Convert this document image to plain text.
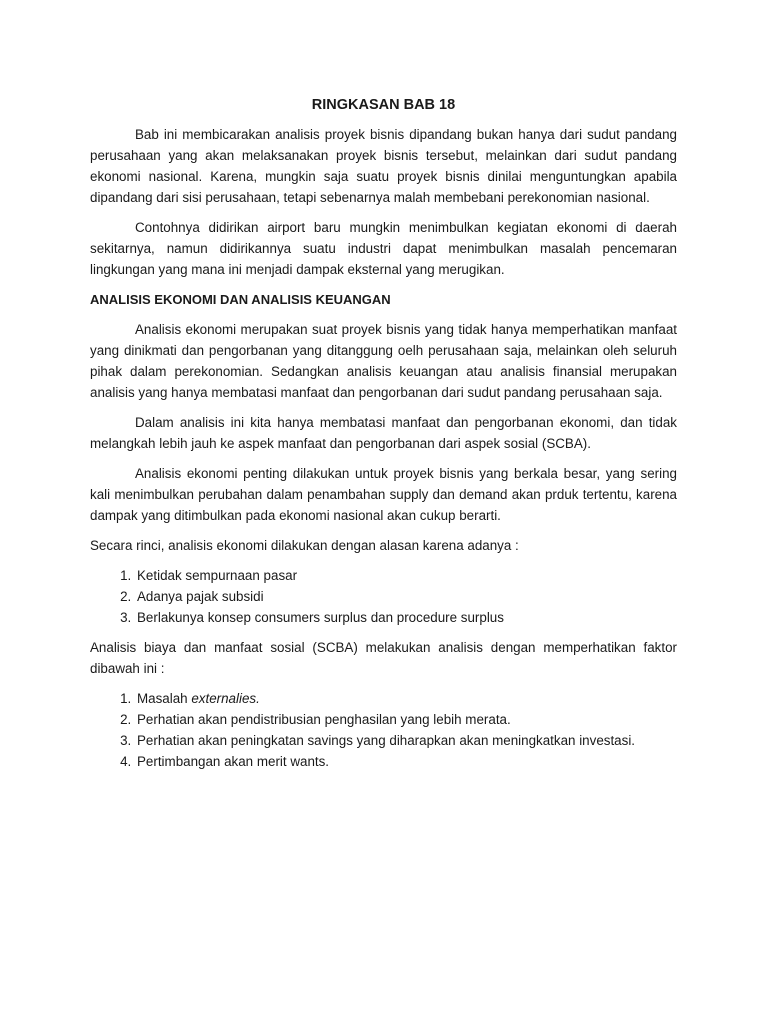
RINGKASAN BAB 18

Bab ini membicarakan analisis proyek bisnis dipandang bukan hanya dari sudut pandang perusahaan yang akan melaksanakan proyek bisnis tersebut, melainkan dari sudut pandang ekonomi nasional. Karena, mungkin saja suatu proyek bisnis dinilai menguntungkan apabila dipandang dari sisi perusahaan, tetapi sebenarnya malah membebani perekonomian nasional.

Contohnya didirikan airport baru mungkin menimbulkan kegiatan ekonomi di daerah sekitarnya, namun didirikannya suatu industri dapat menimbulkan masalah pencemaran lingkungan yang mana ini menjadi dampak eksternal yang merugikan.

ANALISIS EKONOMI DAN ANALISIS KEUANGAN

Analisis ekonomi merupakan suat proyek bisnis yang tidak hanya memperhatikan manfaat yang dinikmati dan pengorbanan yang ditanggung oelh perusahaan saja, melainkan oleh seluruh pihak dalam perekonomian. Sedangkan analisis keuangan atau analisis finansial merupakan analisis yang hanya membatasi manfaat dan pengorbanan dari sudut pandang perusahaan saja.

Dalam analisis ini kita hanya membatasi manfaat dan pengorbanan ekonomi, dan tidak melangkah lebih jauh ke aspek manfaat dan pengorbanan dari aspek sosial (SCBA).

Analisis ekonomi penting dilakukan untuk proyek bisnis yang berkala besar, yang sering kali menimbulkan perubahan dalam penambahan supply dan demand akan prduk tertentu, karena dampak yang ditimbulkan pada ekonomi nasional akan cukup berarti.

Secara rinci, analisis ekonomi dilakukan dengan alasan karena adanya :

1. Ketidak sempurnaan pasar
2. Adanya pajak subsidi
3. Berlakunya konsep consumers surplus dan procedure surplus

Analisis biaya dan manfaat sosial (SCBA) melakukan analisis dengan memperhatikan faktor dibawah ini :

1. Masalah externalies.
2. Perhatian akan pendistribusian penghasilan yang lebih merata.
3. Perhatian akan peningkatan savings yang diharapkan akan meningkatkan investasi.
4. Pertimbangan akan merit wants.
